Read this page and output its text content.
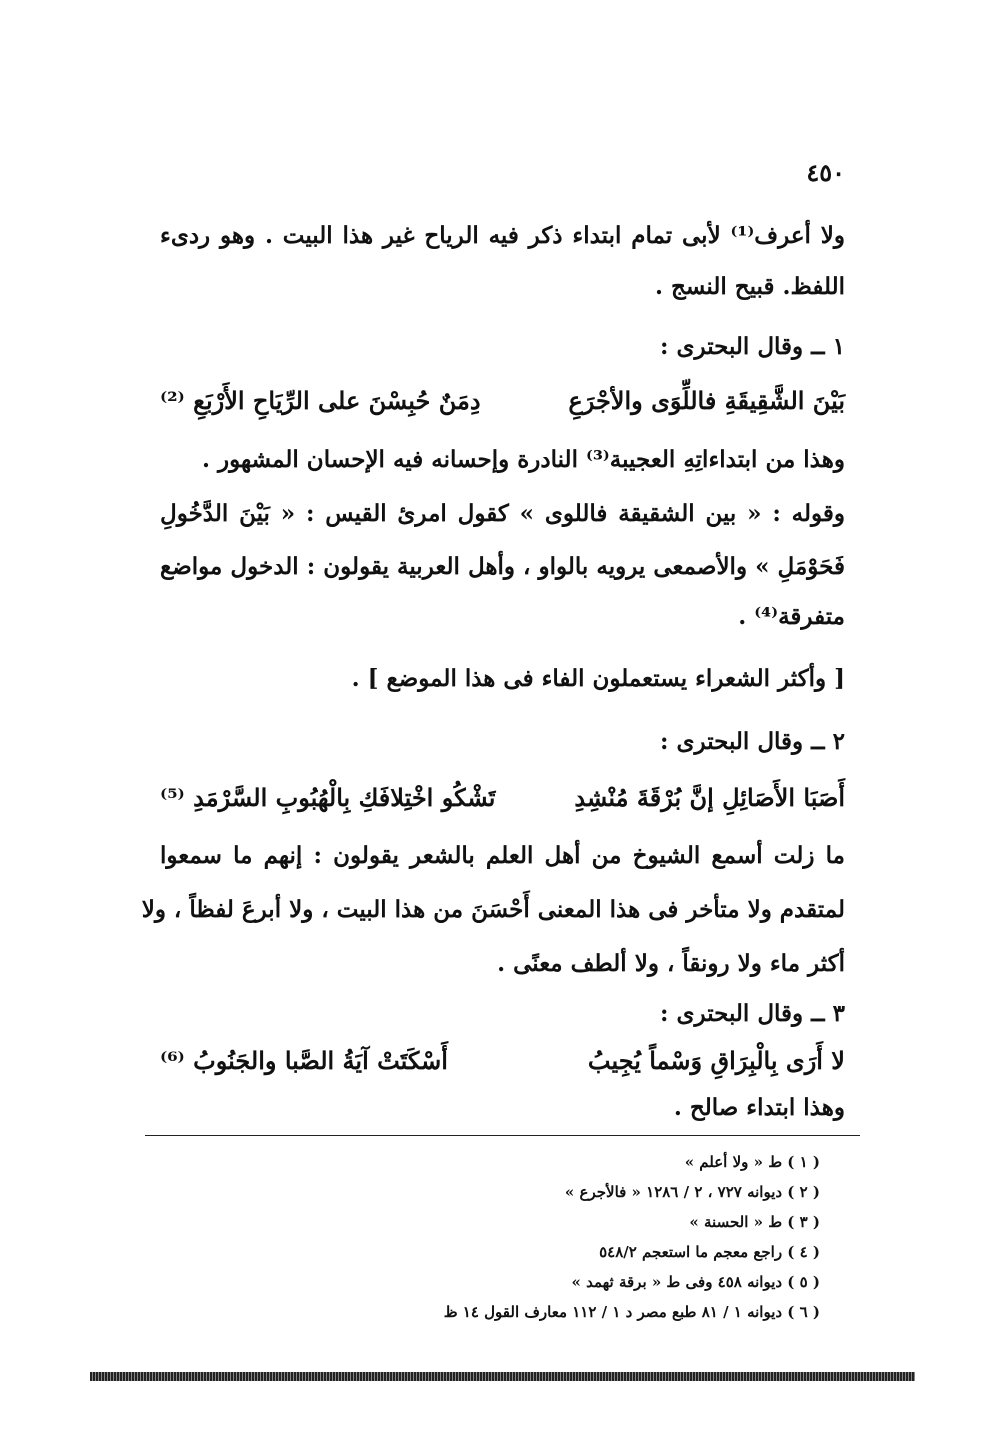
٤٥٠

ولا أعرف⁽¹⁾ لأبى تمام ابتداء ذكر فيه الرياح غير هذا البيت . وهو ردىء

اللفظ. قبيح النسج .

١ ــ وقال البحترى :

بَيْنَ الشَّقِيقَةِ فاللِّوَى والأجْرَعِ
دِمَنٌ حُبِسْنَ على الرِّيَاحِ الأَرْبَعِ ⁽²⁾

وهذا من ابتداءاتِهِ العجيبة⁽³⁾ النادرة وإحسانه فيه الإحسان المشهور .

وقوله : « بين الشقيقة فاللوى » كقول امرئ القيس : « بَيْنَ الدَّخُولِ

فَحَوْمَلِ » والأصمعى يرويه بالواو ، وأهل العربية يقولون : الدخول مواضع

متفرقة⁽⁴⁾ .

[ وأكثر الشعراء يستعملون الفاء فى هذا الموضع ] .

٢ ــ وقال البحترى :

أَصَبَا الأَصَائِلِ إنَّ بُرْقَةَ مُنْشِدِ
تَشْكُو اخْتِلافَكِ بِالْهُبُوبِ السَّرْمَدِ ⁽⁵⁾

ما زلت أسمع الشيوخ من أهل العلم بالشعر يقولون : إنهم ما سمعوا

لمتقدم ولا متأخر فى هذا المعنى أَحْسَنَ من هذا البيت ، ولا أبرعَ لفظاً ، ولا

أكثر ماء ولا رونقاً ، ولا ألطف معنًى .

٣ ــ وقال البحترى :

لا أَرَى بِالْبِرَاقِ وَسْماً يُجِيبُ
أَسْكَتَتْ آيَةُ الصَّبا والجَنُوبُ ⁽⁶⁾

وهذا ابتداء صالح .

( ١ ) ط « ولا أعلم »

( ٢ ) ديوانه ٧٢٧ ، ٢ / ١٢٨٦ « فالأجرع »

( ٣ ) ط « الحسنة »

( ٤ ) راجع معجم ما استعجم ٥٤٨/٢

( ٥ ) ديوانه ٤٥٨ وفى ط « برقة ثهمد »

( ٦ ) ديوانه ١ / ٨١ طبع مصر د ١ / ١١٢ معارف القول ١٤ ظ
